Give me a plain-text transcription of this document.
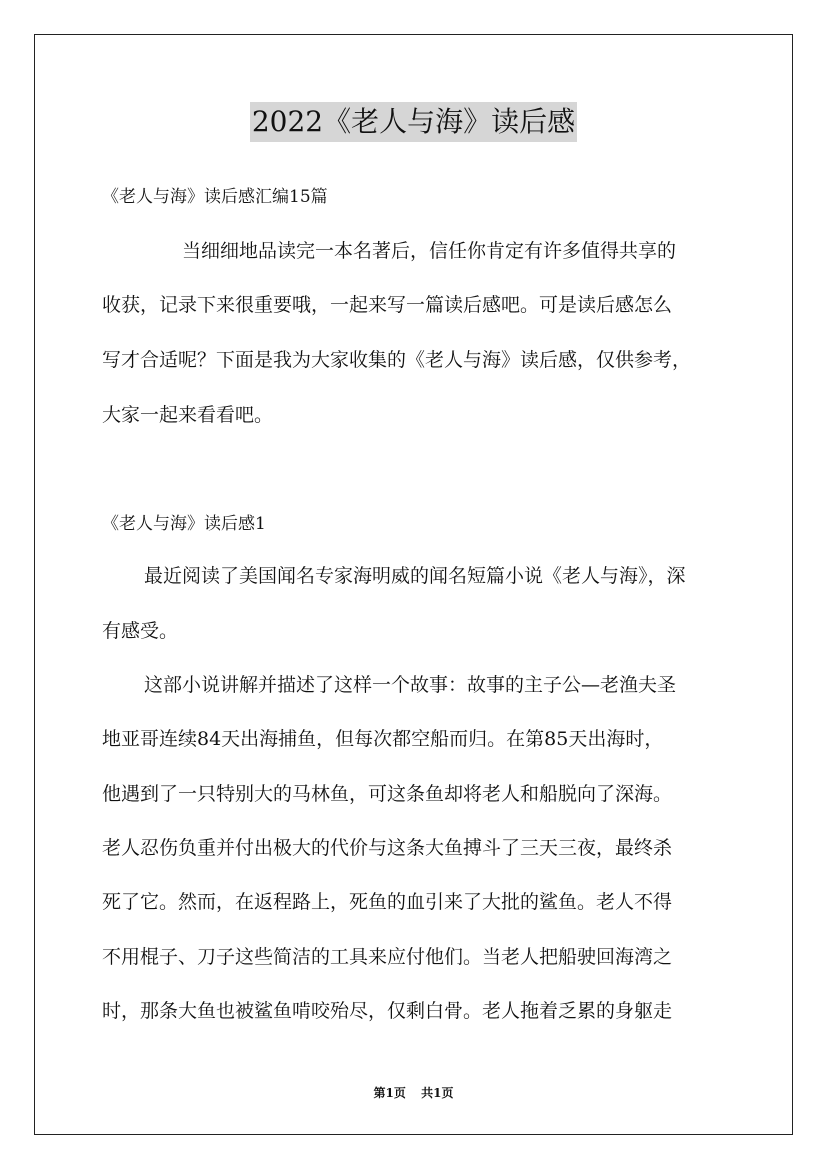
2022《老人与海》读后感
《老人与海》读后感汇编15篇
当细细地品读完一本名著后，信任你肯定有许多值得共享的
收获，记录下来很重要哦，一起来写一篇读后感吧。可是读后感怎么
写才合适呢？下面是我为大家收集的《老人与海》读后感，仅供参考，
大家一起来看看吧。
《老人与海》读后感1
最近阅读了美国闻名专家海明威的闻名短篇小说《老人与海》，深
有感受。
这部小说讲解并描述了这样一个故事：故事的主子公—老渔夫圣
地亚哥连续84天出海捕鱼，但每次都空船而归。在第85天出海时，
他遇到了一只特别大的马林鱼，可这条鱼却将老人和船脱向了深海。
老人忍伤负重并付出极大的代价与这条大鱼搏斗了三天三夜，最终杀
死了它。然而，在返程路上，死鱼的血引来了大批的鲨鱼。老人不得
不用棍子、刀子这些简洁的工具来应付他们。当老人把船驶回海湾之
时，那条大鱼也被鲨鱼啃咬殆尽，仅剩白骨。老人拖着乏累的身躯走
第1页 共1页
